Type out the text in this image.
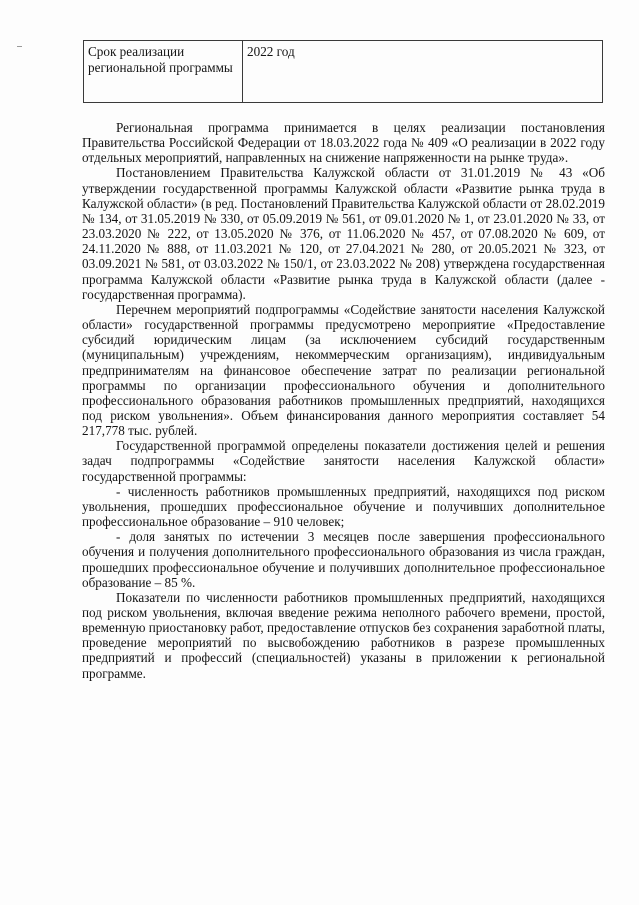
Срок реализации региональной программы	2022 год

Региональная программа принимается в целях реализации постановления Правительства Российской Федерации от 18.03.2022 года № 409 «О реализации в 2022 году отдельных мероприятий, направленных на снижение напряженности на рынке труда».

Постановлением Правительства Калужской области от 31.01.2019 № 43 «Об утверждении государственной программы Калужской области «Развитие рынка труда в Калужской области» (в ред. Постановлений Правительства Калужской области от 28.02.2019 № 134, от 31.05.2019 № 330, от 05.09.2019 № 561, от 09.01.2020 № 1, от 23.01.2020 № 33, от 23.03.2020 № 222, от 13.05.2020 № 376, от 11.06.2020 № 457, от 07.08.2020 № 609, от 24.11.2020 № 888, от 11.03.2021 № 120, от 27.04.2021 № 280, от 20.05.2021 № 323, от 03.09.2021 № 581, от 03.03.2022 № 150/1, от 23.03.2022 № 208) утверждена государственная программа Калужской области «Развитие рынка труда в Калужской области (далее - государственная программа).

Перечнем мероприятий подпрограммы «Содействие занятости населения Калужской области» государственной программы предусмотрено мероприятие «Предоставление субсидий юридическим лицам (за исключением субсидий государственным (муниципальным) учреждениям, некоммерческим организациям), индивидуальным предпринимателям на финансовое обеспечение затрат по реализации региональной программы по организации профессионального обучения и дополнительного профессионального образования работников промышленных предприятий, находящихся под риском увольнения». Объем финансирования данного мероприятия составляет 54 217,778 тыс. рублей.

Государственной программой определены показатели достижения целей и решения задач подпрограммы «Содействие занятости населения Калужской области» государственной программы:

- численность работников промышленных предприятий, находящихся под риском увольнения, прошедших профессиональное обучение и получивших дополнительное профессиональное образование – 910 человек;

- доля занятых по истечении 3 месяцев после завершения профессионального обучения и получения дополнительного профессионального образования из числа граждан, прошедших профессиональное обучение и получивших дополнительное профессиональное образование – 85 %.

Показатели по численности работников промышленных предприятий, находящихся под риском увольнения, включая введение режима неполного рабочего времени, простой, временную приостановку работ, предоставление отпусков без сохранения заработной платы, проведение мероприятий по высвобождению работников в разрезе промышленных предприятий и профессий (специальностей) указаны в приложении к региональной программе.
